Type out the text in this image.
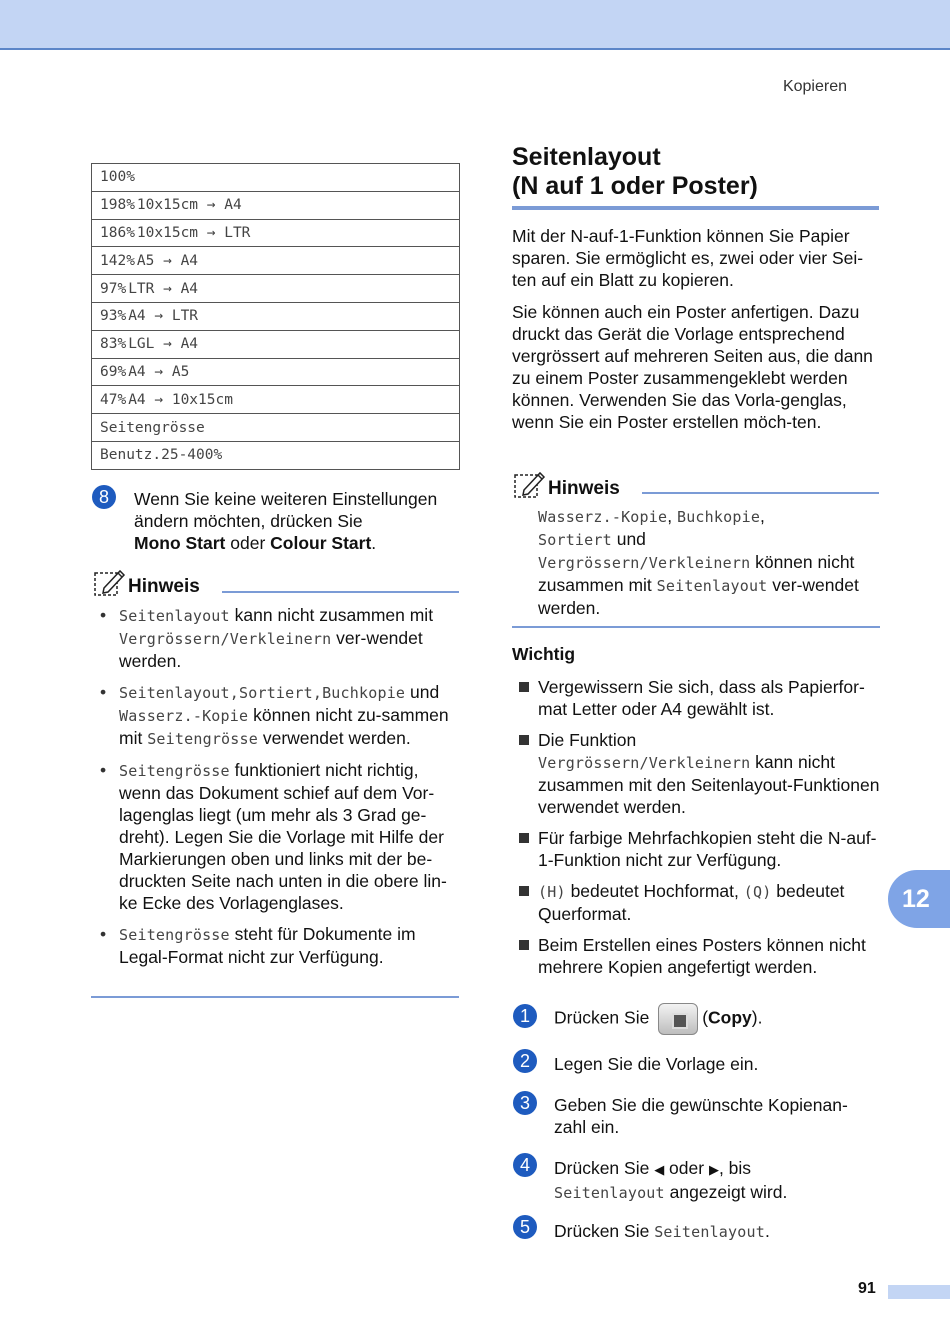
Kopieren
100%
198% 10x15cm → A4
186% 10x15cm → LTR
142% A5 → A4
97% LTR → A4
93% A4 → LTR
83% LGL → A4
69% A4 → A5
47% A4 → 10x15cm
Seitengrösse
Benutz.25-400%
8	Wenn Sie keine weiteren Einstellungen ändern möchten, drücken Sie
Mono Start oder Colour Start.
Hinweis
• Seitenlayout kann nicht zusammen mit Vergrössern/Verkleinern ver-wendet werden.
• Seitenlayout,Sortiert,Buchkopie und Wasserz.-Kopie können nicht zu-sammen mit Seitengrösse verwendet werden.
• Seitengrösse funktioniert nicht richtig, wenn das Dokument schief auf dem Vor-lagenglas liegt (um mehr als 3 Grad ge-dreht). Legen Sie die Vorlage mit Hilfe der Markierungen oben und links mit der be-druckten Seite nach unten in die obere lin-ke Ecke des Vorlagenglases.
• Seitengrösse steht für Dokumente im Legal-Format nicht zur Verfügung.
Seitenlayout
(N auf 1 oder Poster)
Mit der N-auf-1-Funktion können Sie Papier sparen. Sie ermöglicht es, zwei oder vier Sei-ten auf ein Blatt zu kopieren.
Sie können auch ein Poster anfertigen. Dazu druckt das Gerät die Vorlage entsprechend vergrössert auf mehreren Seiten aus, die dann zu einem Poster zusammengeklebt werden können. Verwenden Sie das Vorla-genglas, wenn Sie ein Poster erstellen möch-ten.
Hinweis
Wasserz.-Kopie, Buchkopie,
Sortiert und
Vergrössern/Verkleinern können nicht zusammen mit Seitenlayout ver-wendet werden.
Wichtig
Vergewissern Sie sich, dass als Papierfor-mat Letter oder A4 gewählt ist.
Die Funktion
Vergrössern/Verkleinern kann nicht zusammen mit den Seitenlayout-Funktionen verwendet werden.
Für farbige Mehrfachkopien steht die N-auf-1-Funktion nicht zur Verfügung.
(H) bedeutet Hochformat, (Q) bedeutet Querformat.
Beim Erstellen eines Posters können nicht mehrere Kopien angefertigt werden.
12
1	Drücken Sie	(Copy).
2	Legen Sie die Vorlage ein.
3	Geben Sie die gewünschte Kopienan-zahl ein.
4	Drücken Sie ◀ oder ▶, bis
Seitenlayout angezeigt wird.
5	Drücken Sie Seitenlayout.
91
